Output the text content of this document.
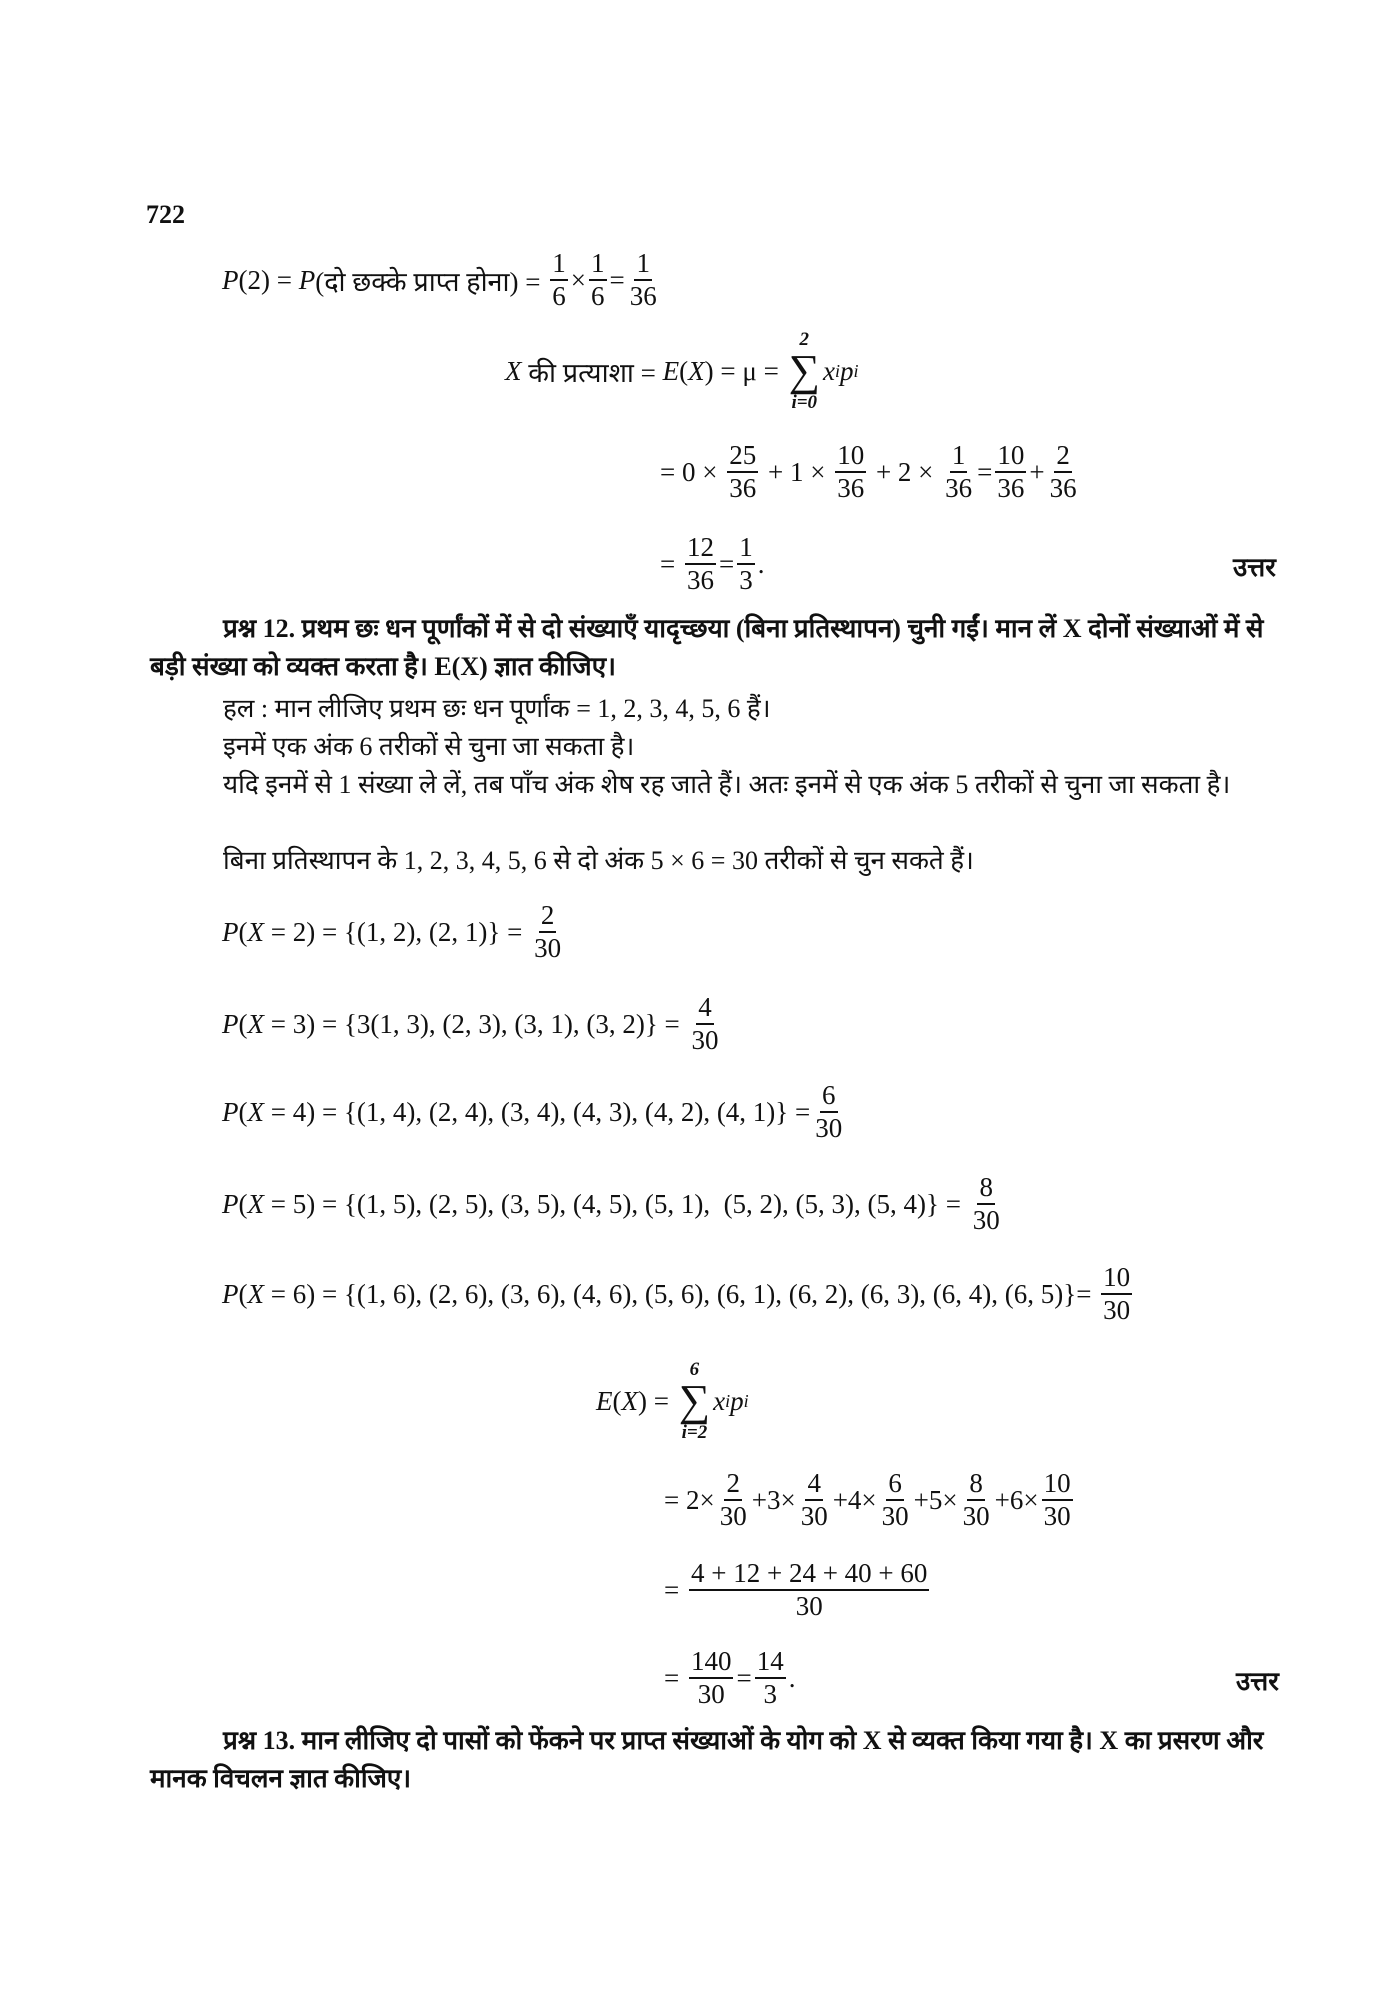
722
P (2) = P (दो छक्के प्राप्त होना) = $\frac{1}{6} \times \frac{1}{6} = \frac{1}{36}$
X की प्रत्याशा = E ( X ) = μ =
2
∑
i=0
x i p i
= $0 \times \frac{25}{36} + 1 \times \frac{10}{36} + 2 \times \frac{1}{36} = \frac{10}{36} + \frac{2}{36}$
= $\frac{12}{36} = \frac{1}{3}$ .	उत्तर
प्रश्न 12. प्रथम छः धन पूर्णांकों में से दो संख्याएँ यादृच्छया (बिना प्रतिस्थापन) चुनी गईं। मान लें X दोनों संख्याओं में से बड़ी संख्या को व्यक्त करता है। E(X) ज्ञात कीजिए।
हल : मान लीजिए प्रथम छः धन पूर्णांक = 1, 2, 3, 4, 5, 6 हैं।
इनमें एक अंक 6 तरीकों से चुना जा सकता है।
यदि इनमें से 1 संख्या ले लें, तब पाँच अंक शेष रह जाते हैं। अतः इनमें से एक अंक 5 तरीकों से चुना जा सकता है।
बिना प्रतिस्थापन के 1, 2, 3, 4, 5, 6 से दो अंक 5 × 6 = 30 तरीकों से चुन सकते हैं।
P ( X = 2) = {(1, 2), (2, $1)\} = \frac{2}{30}$
P ( X = 3) = {3(1, 3), (2, 3), (3, 1), (3, $2)\} = \frac{4}{30}$
P ( X = 4) = {(1, 4), (2, 4), (3, 4), (4, 3), (4, 2), (4, $1)\} = \frac{6}{30}$
P ( X = 5) = {(1, 5), (2, 5), (3, 5), (4, 5), (5, 1),  (5, 2), (5, 3), (5, $4)\} = \frac{8}{30}$
P ( X = 6) = {(1, 6), (2, 6), (3, 6), (4, 6), (5, 6), (6, 1), (6, 2), (6, 3), (6, 4), (6, $5)\}= \frac{10}{30}$
E ( X ) =
6
∑
i=2
x i p i
= $2\times \frac{2}{30} +3\times \frac{4}{30} +4\times \frac{6}{30} +5\times \frac{8}{30} +6\times \frac{10}{30}$
= $\frac{4 + 12 + 24 + 40 + 60}{30}$
= $\frac{140}{30} = \frac{14}{3}$ .	उत्तर
प्रश्न 13. मान लीजिए दो पासों को फेंकने पर प्राप्त संख्याओं के योग को X से व्यक्त किया गया है। X का प्रसरण और मानक विचलन ज्ञात कीजिए।
